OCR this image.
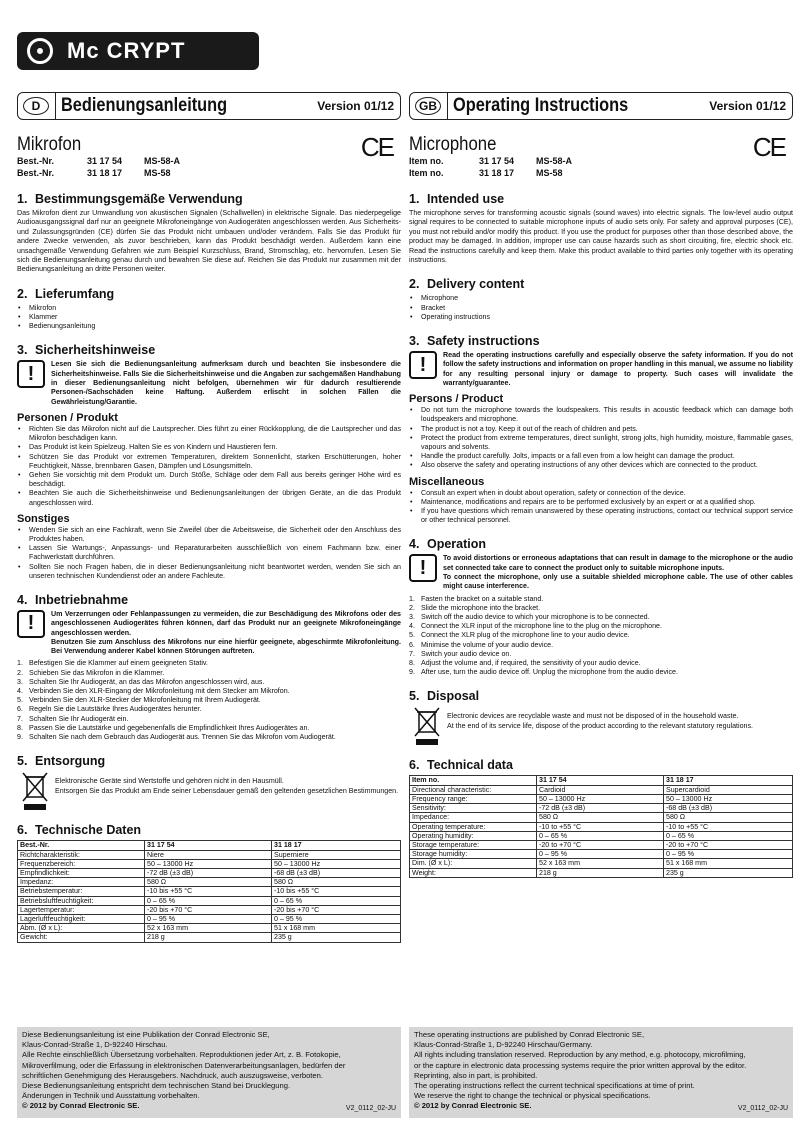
Mc CRYPT
D	Bedienungsanleitung	Version 01/12
Mikrofon	CE
Best.-Nr.	31 17 54	MS-58-A
Best.-Nr.	31 18 17	MS-58
1. Bestimmungsgemäße Verwendung

Das Mikrofon dient zur Umwandlung von akustischen Signalen (Schallwellen) in elektrische Signale. Das niederpegelige Audioausgangssignal darf nur an geeignete Mikrofoneingänge von Audiogeräten angeschlossen werden. Aus Sicherheits- und Zulassungsgründen (CE) dürfen Sie das Produkt nicht umbauen und/oder verändern. Falls Sie das Produkt für andere Zwecke verwenden, als zuvor beschrieben, kann das Produkt beschädigt werden. Außerdem kann eine unsachgemäße Verwendung Gefahren wie zum Beispiel Kurzschluss, Brand, Stromschlag, etc. hervorrufen. Lesen Sie sich die Bedienungsanleitung genau durch und bewahren Sie diese auf. Reichen Sie das Produkt nur zusammen mit der Bedienungsanleitung an dritte Personen weiter.

2. Lieferumfang
• Mikrofon
• Klammer
• Bedienungsanleitung
3. Sicherheitshinweise
!	Lesen Sie sich die Bedienungsanleitung aufmerksam durch und beachten Sie insbesondere die Sicherheitshinweise. Falls Sie die Sicherheitshinweise und die Angaben zur sachgemäßen Handhabung in dieser Bedienungsanleitung nicht befolgen, übernehmen wir für dadurch resultierende Personen-/Sachschäden keine Haftung. Außerdem erlischt in solchen Fällen die Gewährleistung/Garantie.
Personen / Produkt
• Richten Sie das Mikrofon nicht auf die Lautsprecher. Dies führt zu einer Rückkopplung, die die Lautsprecher und das Mikrofon beschädigen kann.
• Das Produkt ist kein Spielzeug. Halten Sie es von Kindern und Haustieren fern.
• Schützen Sie das Produkt vor extremen Temperaturen, direktem Sonnenlicht, starken Erschütterungen, hoher Feuchtigkeit, Nässe, brennbaren Gasen, Dämpfen und Lösungsmitteln.
• Gehen Sie vorsichtig mit dem Produkt um. Durch Stöße, Schläge oder dem Fall aus bereits geringer Höhe wird es beschädigt.
• Beachten Sie auch die Sicherheitshinweise und Bedienungsanleitungen der übrigen Geräte, an die das Produkt angeschlossen wird.
Sonstiges
• Wenden Sie sich an eine Fachkraft, wenn Sie Zweifel über die Arbeitsweise, die Sicherheit oder den Anschluss des Produktes haben.
• Lassen Sie Wartungs-, Anpassungs- und Reparaturarbeiten ausschließlich von einem Fachmann bzw. einer Fachwerkstatt durchführen.
• Sollten Sie noch Fragen haben, die in dieser Bedienungsanleitung nicht beantwortet werden, wenden Sie sich an unseren technischen Kundendienst oder an andere Fachleute.
4. Inbetriebnahme
!	Um Verzerrungen oder Fehlanpassungen zu vermeiden, die zur Beschädigung des Mikrofons oder des angeschlossenen Audiogerätes führen können, darf das Produkt nur an geeignete Mikrofoneingänge angeschlossen werden.
Benutzen Sie zum Anschluss des Mikrofons nur eine hierfür geeignete, abgeschirmte Mikrofonleitung. Bei Verwendung anderer Kabel können Störungen auftreten.
1. Befestigen Sie die Klammer auf einem geeigneten Stativ.
2. Schieben Sie das Mikrofon in die Klammer.
3. Schalten Sie Ihr Audiogerät, an das das Mikrofon angeschlossen wird, aus.
4. Verbinden Sie den XLR-Eingang der Mikrofonleitung mit dem Stecker am Mikrofon.
5. Verbinden Sie den XLR-Stecker der Mikrofonleitung mit Ihrem Audiogerät.
6. Regeln Sie die Lautstärke Ihres Audiogerätes herunter.
7. Schalten Sie Ihr Audiogerät ein.
8. Passen Sie die Lautstärke und gegebenenfalls die Empfindlichkeit Ihres Audiogerätes an.
9. Schalten Sie nach dem Gebrauch das Audiogerät aus. Trennen Sie das Mikrofon vom Audiogerät.
5. Entsorgung

Elektronische Geräte sind Wertstoffe und gehören nicht in den Hausmüll.
Entsorgen Sie das Produkt am Ende seiner Lebensdauer gemäß den geltenden gesetzlichen Bestimmungen.

6. Technische Daten
Best.-Nr.	31 17 54	31 18 17
Richtcharakteristik:	Niere	Superniere
Frequenzbereich:	50 – 13000 Hz	50 – 13000 Hz
Empfindlichkeit:	-72 dB (±3 dB)	-68 dB (±3 dB)
Impedanz:	580 Ω	580 Ω
Betriebstemperatur:	-10 bis +55 °C	-10 bis +55 °C
Betriebsluftfeuchtigkeit:	0 – 65 %	0 – 65 %
Lagertemperatur:	-20 bis +70 °C	-20 bis +70 °C
Lagerluftfeuchtigkeit:	0 – 95 %	0 – 95 %
Abm. (Ø x L):	52 x 163 mm	51 x 168 mm
Gewicht:	218 g	235 g
GB Operating Instructions	Version 01/12
Microphone	CE
Item no.	31 17 54	MS-58-A
Item no.	31 18 17	MS-58
1. Intended use

The microphone serves for transforming acoustic signals (sound waves) into electric signals. The low-level audio output signal requires to be connected to suitable microphone inputs of audio sets only. For safety and approval purposes (CE), you must not rebuild and/or modify this product. If you use the product for purposes other than those described above, the product may be damaged. In addition, improper use can cause hazards such as short circuiting, fire, electric shock etc. Read the instructions carefully and keep them. Make this product available to third parties only together with its operating instructions.

2. Delivery content
• Microphone
• Bracket
• Operating instructions
3. Safety instructions
!	Read the operating instructions carefully and especially observe the safety information. If you do not follow the safety instructions and information on proper handling in this manual, we assume no liability for any resulting personal injury or damage to property. Such cases will invalidate the warranty/guarantee.
Persons / Product
• Do not turn the microphone towards the loudspeakers. This results in acoustic feedback which can damage both loudspeakers and microphone.
• The product is not a toy. Keep it out of the reach of children and pets.
• Protect the product from extreme temperatures, direct sunlight, strong jolts, high humidity, moisture, flammable gases, vapours and solvents.
• Handle the product carefully. Jolts, impacts or a fall even from a low height can damage the product.
• Also observe the safety and operating instructions of any other devices which are connected to the product.
Miscellaneous
• Consult an expert when in doubt about operation, safety or connection of the device.
• Maintenance, modifications and repairs are to be performed exclusively by an expert or at a qualified shop.
• If you have questions which remain unanswered by these operating instructions, contact our technical support service or other technical personnel.
4. Operation
!	To avoid distortions or erroneous adaptations that can result in damage to the microphone or the audio set connected take care to connect the product only to suitable microphone inputs.
To connect the microphone, only use a suitable shielded microphone cable. The use of other cables might cause interference.
1. Fasten the bracket on a suitable stand.
2. Slide the microphone into the bracket.
3. Switch off the audio device to which your microphone is to be connected.
4. Connect the XLR input of the microphone line to the plug on the microphone.
5. Connect the XLR plug of the microphone line to your audio device.
6. Minimise the volume of your audio device.
7. Switch your audio device on.
8. Adjust the volume and, if required, the sensitivity of your audio device.
9. After use, turn the audio device off. Unplug the microphone from the audio device.
5. Disposal

Electronic devices are recyclable waste and must not be disposed of in the household waste.
At the end of its service life, dispose of the product according to the relevant statutory regulations.

6. Technical data
Item no.	31 17 54	31 18 17
Directional characteristic:	Cardioid	Supercardioid
Frequency range:	50 – 13000 Hz	50 – 13000 Hz
Sensitivity:	-72 dB (±3 dB)	-68 dB (±3 dB)
Impedance:	580 Ω	580 Ω
Operating temperature:	-10 to +55 °C	-10 to +55 °C
Operating humidity:	0 – 65 %	0 – 65 %
Storage temperature:	-20 to +70 °C	-20 to +70 °C
Storage humidity:	0 – 95 %	0 – 95 %
Dim. (Ø x L):	52 x 163 mm	51 x 168 mm
Weight:	218 g	235 g
Diese Bedienungsanleitung ist eine Publikation der Conrad Electronic SE,
Klaus-Conrad-Straße 1, D-92240 Hirschau.
Alle Rechte einschließlich Übersetzung vorbehalten. Reproduktionen jeder Art, z. B. Fotokopie,
Mikroverfilmung, oder die Erfassung in elektronischen Datenverarbeitungsanlagen, bedürfen der
schriftlichen Genehmigung des Herausgebers. Nachdruck, auch auszugsweise, verboten.
Diese Bedienungsanleitung entspricht dem technischen Stand bei Drucklegung.
Änderungen in Technik und Ausstattung vorbehalten.
© 2012 by Conrad Electronic SE.	V2_0112_02-JU
These operating instructions are published by Conrad Electronic SE,
Klaus-Conrad-Straße 1, D-92240 Hirschau/Germany.
All rights including translation reserved. Reproduction by any method, e.g. photocopy, microfilming,
or the capture in electronic data processing systems require the prior written approval by the editor.
Reprinting, also in part, is prohibited.
The operating instructions reflect the current technical specifications at time of print.
We reserve the right to change the technical or physical specifications.
© 2012 by Conrad Electronic SE.	V2_0112_02-JU
